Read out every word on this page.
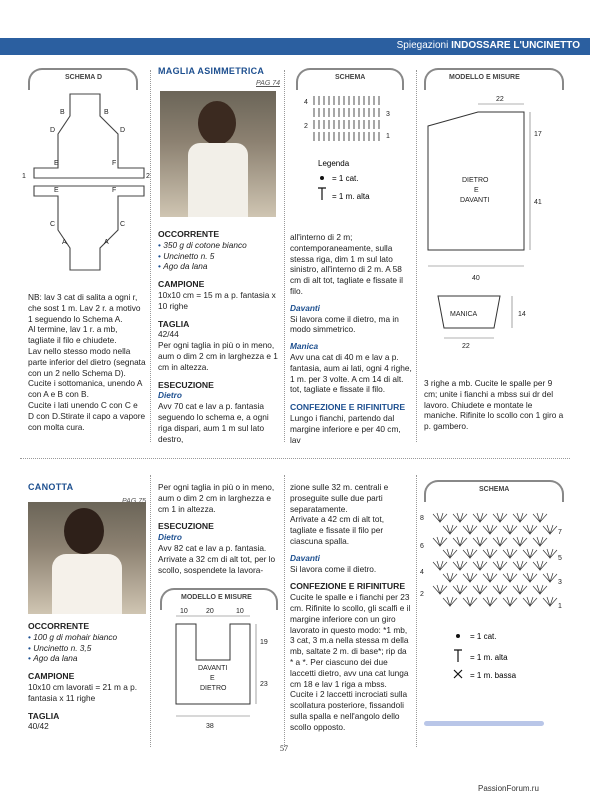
Spiegazioni INDOSSARE L'UNCINETTO
SCHEMA D
B	B
D	D
E	F
E	F
C	C
A	A
1	2

NB: lav 3 cat di salita a ogni r, che sost 1 m. Lav 2 r. a motivo 1 seguendo lo Schema A.

Al termine, lav 1 r. a mb, tagliate il filo e chiudete.

Lav nello stesso modo nella parte inferior del dietro (segnata con un 2 nello Schema D).

Cucite i sottomanica, unendo A con A e B con B.

Cucite i lati unendo C con C e D con D.Stirate il capo a vapore con molta cura.

MAGLIA ASIMMETRICA
PAG 74
OCCORRENTE
• 350 g di cotone bianco
• Uncinetto n. 5
• Ago da lana
CAMPIONE

10x10 cm = 15 m a p. fantasia x 10 righe

TAGLIA

42/44

Per ogni taglia in più o in meno, aum o dim 2 cm in larghezza e 1 cm in altezza.

ESECUZIONE
Dietro

Avv 70 cat e lav a p. fantasia seguendo lo schema e, a ogni riga dispari, aum 1 m sul lato destro,

SCHEMA
4
2
3
1
Legenda
= 1 cat.
= 1 m. alta

all'interno di 2 m; contemporaneamente, sulla stessa riga, dim 1 m sul lato sinistro, all'interno di 2 m. A 58 cm di alt tot, tagliate e fissate il filo.

Davanti

Si lavora come il dietro, ma in modo simmetrico.

Manica

Avv una cat di 40 m e lav a p. fantasia, aum ai lati, ogni 4 righe, 1 m. per 3 volte. A cm 14 di alt. tot, tagliate e fissate il filo.

CONFEZIONE E RIFINITURE

Lungo i fianchi, partendo dal margine inferiore e per 40 cm, lav

MODELLO E MISURE
22
17
41
40
DIETRO
E
DAVANTI
MANICA	14
22
3 righe a mb. Cucite le spalle per 9 cm; unite i fianchi a mbss sui dr del lavoro. Chiudete e montate le maniche. Rifinite lo scollo con 1 giro a p. gambero.
CANOTTA
OCCORRENTE
• 100 g di mohair bianco
• Uncinetto n. 3,5
• Ago da lana
CAMPIONE

10x10 cm lavorati = 21 m a p. fantasia x 11 righe

TAGLIA

40/42

Per ogni taglia in più o in meno, aum o dim 2 cm in larghezza e cm 1 in altezza.

ESECUZIONE
Dietro

Avv 82 cat e lav a p. fantasia. Arrivate a 32 cm di alt tot, per lo scollo, sospendete la lavora-

MODELLO E MISURE
10	20	10
19
23
38
DAVANTI
E
DIETRO

zione sulle 32 m. centrali e proseguite sulle due parti separatamente.

Arrivate a 42 cm di alt tot, tagliate e fissate il filo per ciascuna spalla.

Davanti

Si lavora come il dietro.

CONFEZIONE E RIFINITURE

Cucite le spalle e i fianchi per 23 cm. Rifinite lo scollo, gli scalfi e il margine inferiore con un giro lavorato in questo modo: *1 mb, 3 cat, 3 m.a nella stessa m della mb, saltate 2 m. di base*; rip da * a *. Per ciascuno dei due laccetti dietro, avv una cat lunga cm 18 e lav 1 riga a mbss.

Cucite i 2 laccetti incrociati sulla scollatura posteriore, fissandoli sulla spalla e nell'angolo dello scollo opposto.

SCHEMA
8
6
4
2
7
5
3
1
= 1 cat.
= 1 m. alta
= 1 m. bassa
57
PassionForum.ru
